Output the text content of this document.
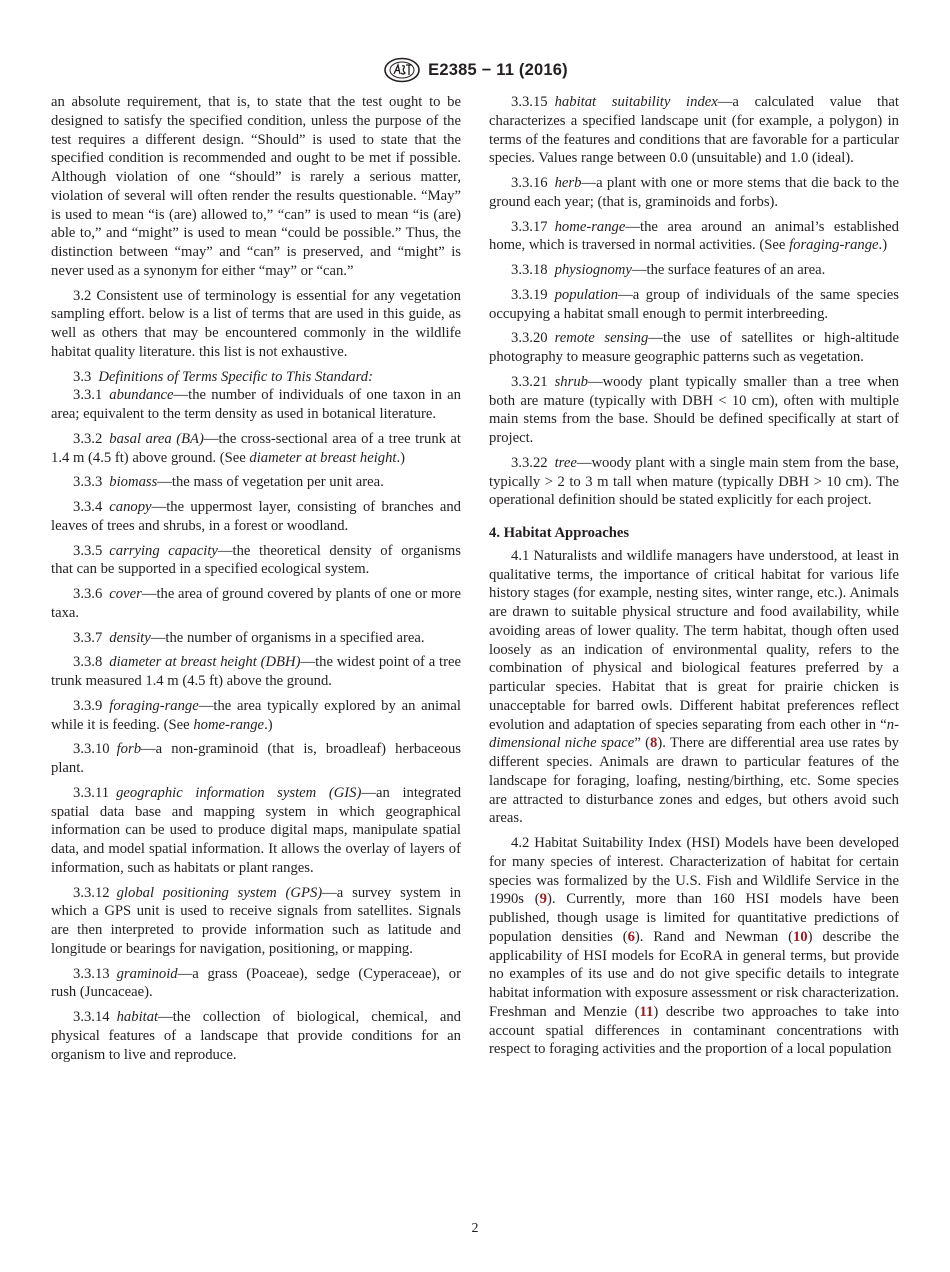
E2385 − 11 (2016)

an absolute requirement, that is, to state that the test ought to be designed to satisfy the specified condition, unless the purpose of the test requires a different design. “Should” is used to state that the specified condition is recommended and ought to be met if possible. Although violation of one “should” is rarely a serious matter, violation of several will often render the results questionable. “May” is used to mean “is (are) allowed to,” “can” is used to mean “is (are) able to,” and “might” is used to mean “could be possible.” Thus, the distinction between “may” and “can” is preserved, and “might” is never used as a synonym for either “may” or “can.”

3.2 Consistent use of terminology is essential for any vegetation sampling effort. below is a list of terms that are used in this guide, as well as others that may be encountered commonly in the wildlife habitat quality literature. this list is not exhaustive.

3.3 Definitions of Terms Specific to This Standard:

3.3.1 abundance—the number of individuals of one taxon in an area; equivalent to the term density as used in botanical literature.

3.3.2 basal area (BA)—the cross-sectional area of a tree trunk at 1.4 m (4.5 ft) above ground. (See diameter at breast height.)

3.3.3 biomass—the mass of vegetation per unit area.

3.3.4 canopy—the uppermost layer, consisting of branches and leaves of trees and shrubs, in a forest or woodland.

3.3.5 carrying capacity—the theoretical density of organisms that can be supported in a specified ecological system.

3.3.6 cover—the area of ground covered by plants of one or more taxa.

3.3.7 density—the number of organisms in a specified area.

3.3.8 diameter at breast height (DBH)—the widest point of a tree trunk measured 1.4 m (4.5 ft) above the ground.

3.3.9 foraging-range—the area typically explored by an animal while it is feeding. (See home-range.)

3.3.10 forb—a non-graminoid (that is, broadleaf) herbaceous plant.

3.3.11 geographic information system (GIS)—an integrated spatial data base and mapping system in which geographical information can be used to produce digital maps, manipulate spatial data, and model spatial information. It allows the overlay of layers of information, such as habitats or plant ranges.

3.3.12 global positioning system (GPS)—a survey system in which a GPS unit is used to receive signals from satellites. Signals are then interpreted to provide information such as latitude and longitude or bearings for navigation, positioning, or mapping.

3.3.13 graminoid—a grass (Poaceae), sedge (Cyperaceae), or rush (Juncaceae).

3.3.14 habitat—the collection of biological, chemical, and physical features of a landscape that provide conditions for an organism to live and reproduce.

3.3.15 habitat suitability index—a calculated value that characterizes a specified landscape unit (for example, a polygon) in terms of the features and conditions that are favorable for a particular species. Values range between 0.0 (unsuitable) and 1.0 (ideal).

3.3.16 herb—a plant with one or more stems that die back to the ground each year; (that is, graminoids and forbs).

3.3.17 home-range—the area around an animal’s established home, which is traversed in normal activities. (See foraging-range.)

3.3.18 physiognomy—the surface features of an area.

3.3.19 population—a group of individuals of the same species occupying a habitat small enough to permit interbreeding.

3.3.20 remote sensing—the use of satellites or high-altitude photography to measure geographic patterns such as vegetation.

3.3.21 shrub—woody plant typically smaller than a tree when both are mature (typically with DBH < 10 cm), often with multiple main stems from the base. Should be defined specifically at start of project.

3.3.22 tree—woody plant with a single main stem from the base, typically > 2 to 3 m tall when mature (typically DBH > 10 cm). The operational definition should be stated explicitly for each project.

4. Habitat Approaches

4.1 Naturalists and wildlife managers have understood, at least in qualitative terms, the importance of critical habitat for various life history stages (for example, nesting sites, winter range, etc.). Animals are drawn to suitable physical structure and food availability, while avoiding areas of lower quality. The term habitat, though often used loosely as an indication of environmental quality, refers to the combination of physical and biological features preferred by a particular species. Habitat that is great for prairie chicken is unacceptable for barred owls. Different habitat preferences reflect evolution and adaptation of species separating from each other in “n-dimensional niche space” (8). There are differential area use rates by different species. Animals are drawn to particular features of the landscape for foraging, loafing, nesting/birthing, etc. Some species are attracted to disturbance zones and edges, but others avoid such areas.

4.2 Habitat Suitability Index (HSI) Models have been developed for many species of interest. Characterization of habitat for certain species was formalized by the U.S. Fish and Wildlife Service in the 1990s (9). Currently, more than 160 HSI models have been published, though usage is limited for quantitative predictions of population densities (6). Rand and Newman (10) describe the applicability of HSI models for EcoRA in general terms, but provide no examples of its use and do not give specific details to integrate habitat information with exposure assessment or risk characterization. Freshman and Menzie (11) describe two approaches to take into account spatial differences in contaminant concentrations with respect to foraging activities and the proportion of a local population

2
